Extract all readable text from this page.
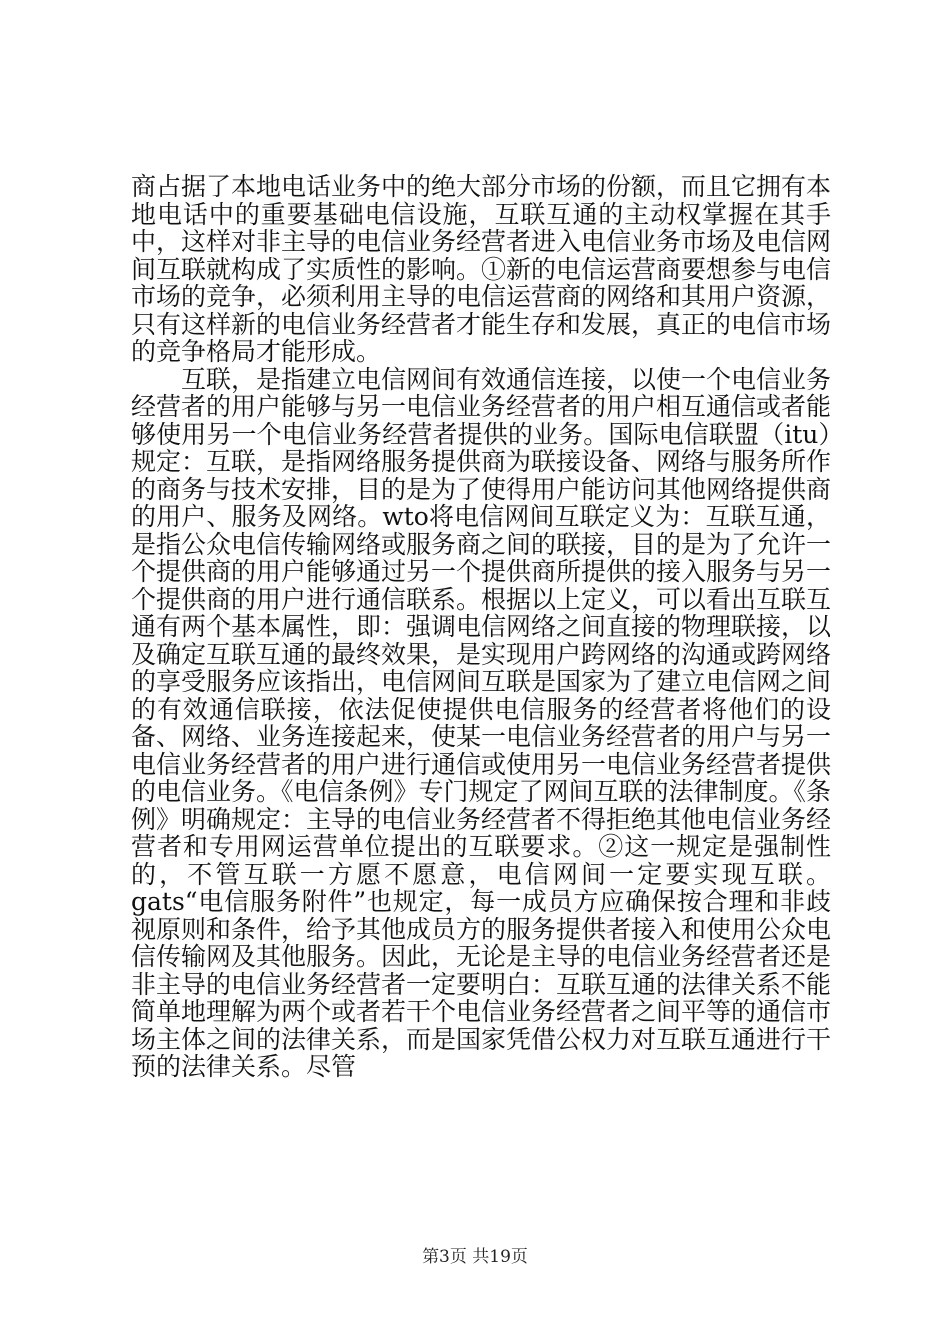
商占据了本地电话业务中的绝大部分市场的份额，而且它拥有本地电话中的重要基础电信设施，互联互通的主动权掌握在其手中，这样对非主导的电信业务经营者进入电信业务市场及电信网间互联就构成了实质性的影响。①新的电信运营商要想参与电信市场的竞争，必须利用主导的电信运营商的网络和其用户资源，只有这样新的电信业务经营者才能生存和发展，真正的电信市场的竞争格局才能形成。

互联，是指建立电信网间有效通信连接，以使一个电信业务经营者的用户能够与另一电信业务经营者的用户相互通信或者能够使用另一个电信业务经营者提供的业务。国际电信联盟（itu）规定：互联，是指网络服务提供商为联接设备、网络与服务所作的商务与技术安排，目的是为了使得用户能访问其他网络提供商的用户、服务及网络。wto将电信网间互联定义为：互联互通，是指公众电信传输网络或服务商之间的联接，目的是为了允许一个提供商的用户能够通过另一个提供商所提供的接入服务与另一个提供商的用户进行通信联系。根据以上定义，可以看出互联互通有两个基本属性，即：强调电信网络之间直接的物理联接，以及确定互联互通的最终效果，是实现用户跨网络的沟通或跨网络的享受服务应该指出，电信网间互联是国家为了建立电信网之间的有效通信联接，依法促使提供电信服务的经营者将他们的设备、网络、业务连接起来，使某一电信业务经营者的用户与另一电信业务经营者的用户进行通信或使用另一电信业务经营者提供的电信业务。《电信条例》专门规定了网间互联的法律制度。《条例》明确规定：主导的电信业务经营者不得拒绝其他电信业务经营者和专用网运营单位提出的互联要求。②这一规定是强制性的，不管互联一方愿不愿意，电信网间一定要实现互联。gats“电信服务附件”也规定，每一成员方应确保按合理和非歧视原则和条件，给予其他成员方的服务提供者接入和使用公众电信传输网及其他服务。因此，无论是主导的电信业务经营者还是非主导的电信业务经营者一定要明白：互联互通的法律关系不能简单地理解为两个或者若干个电信业务经营者之间平等的通信市场主体之间的法律关系，而是国家凭借公权力对互联互通进行干预的法律关系。尽管

第3页 共19页
